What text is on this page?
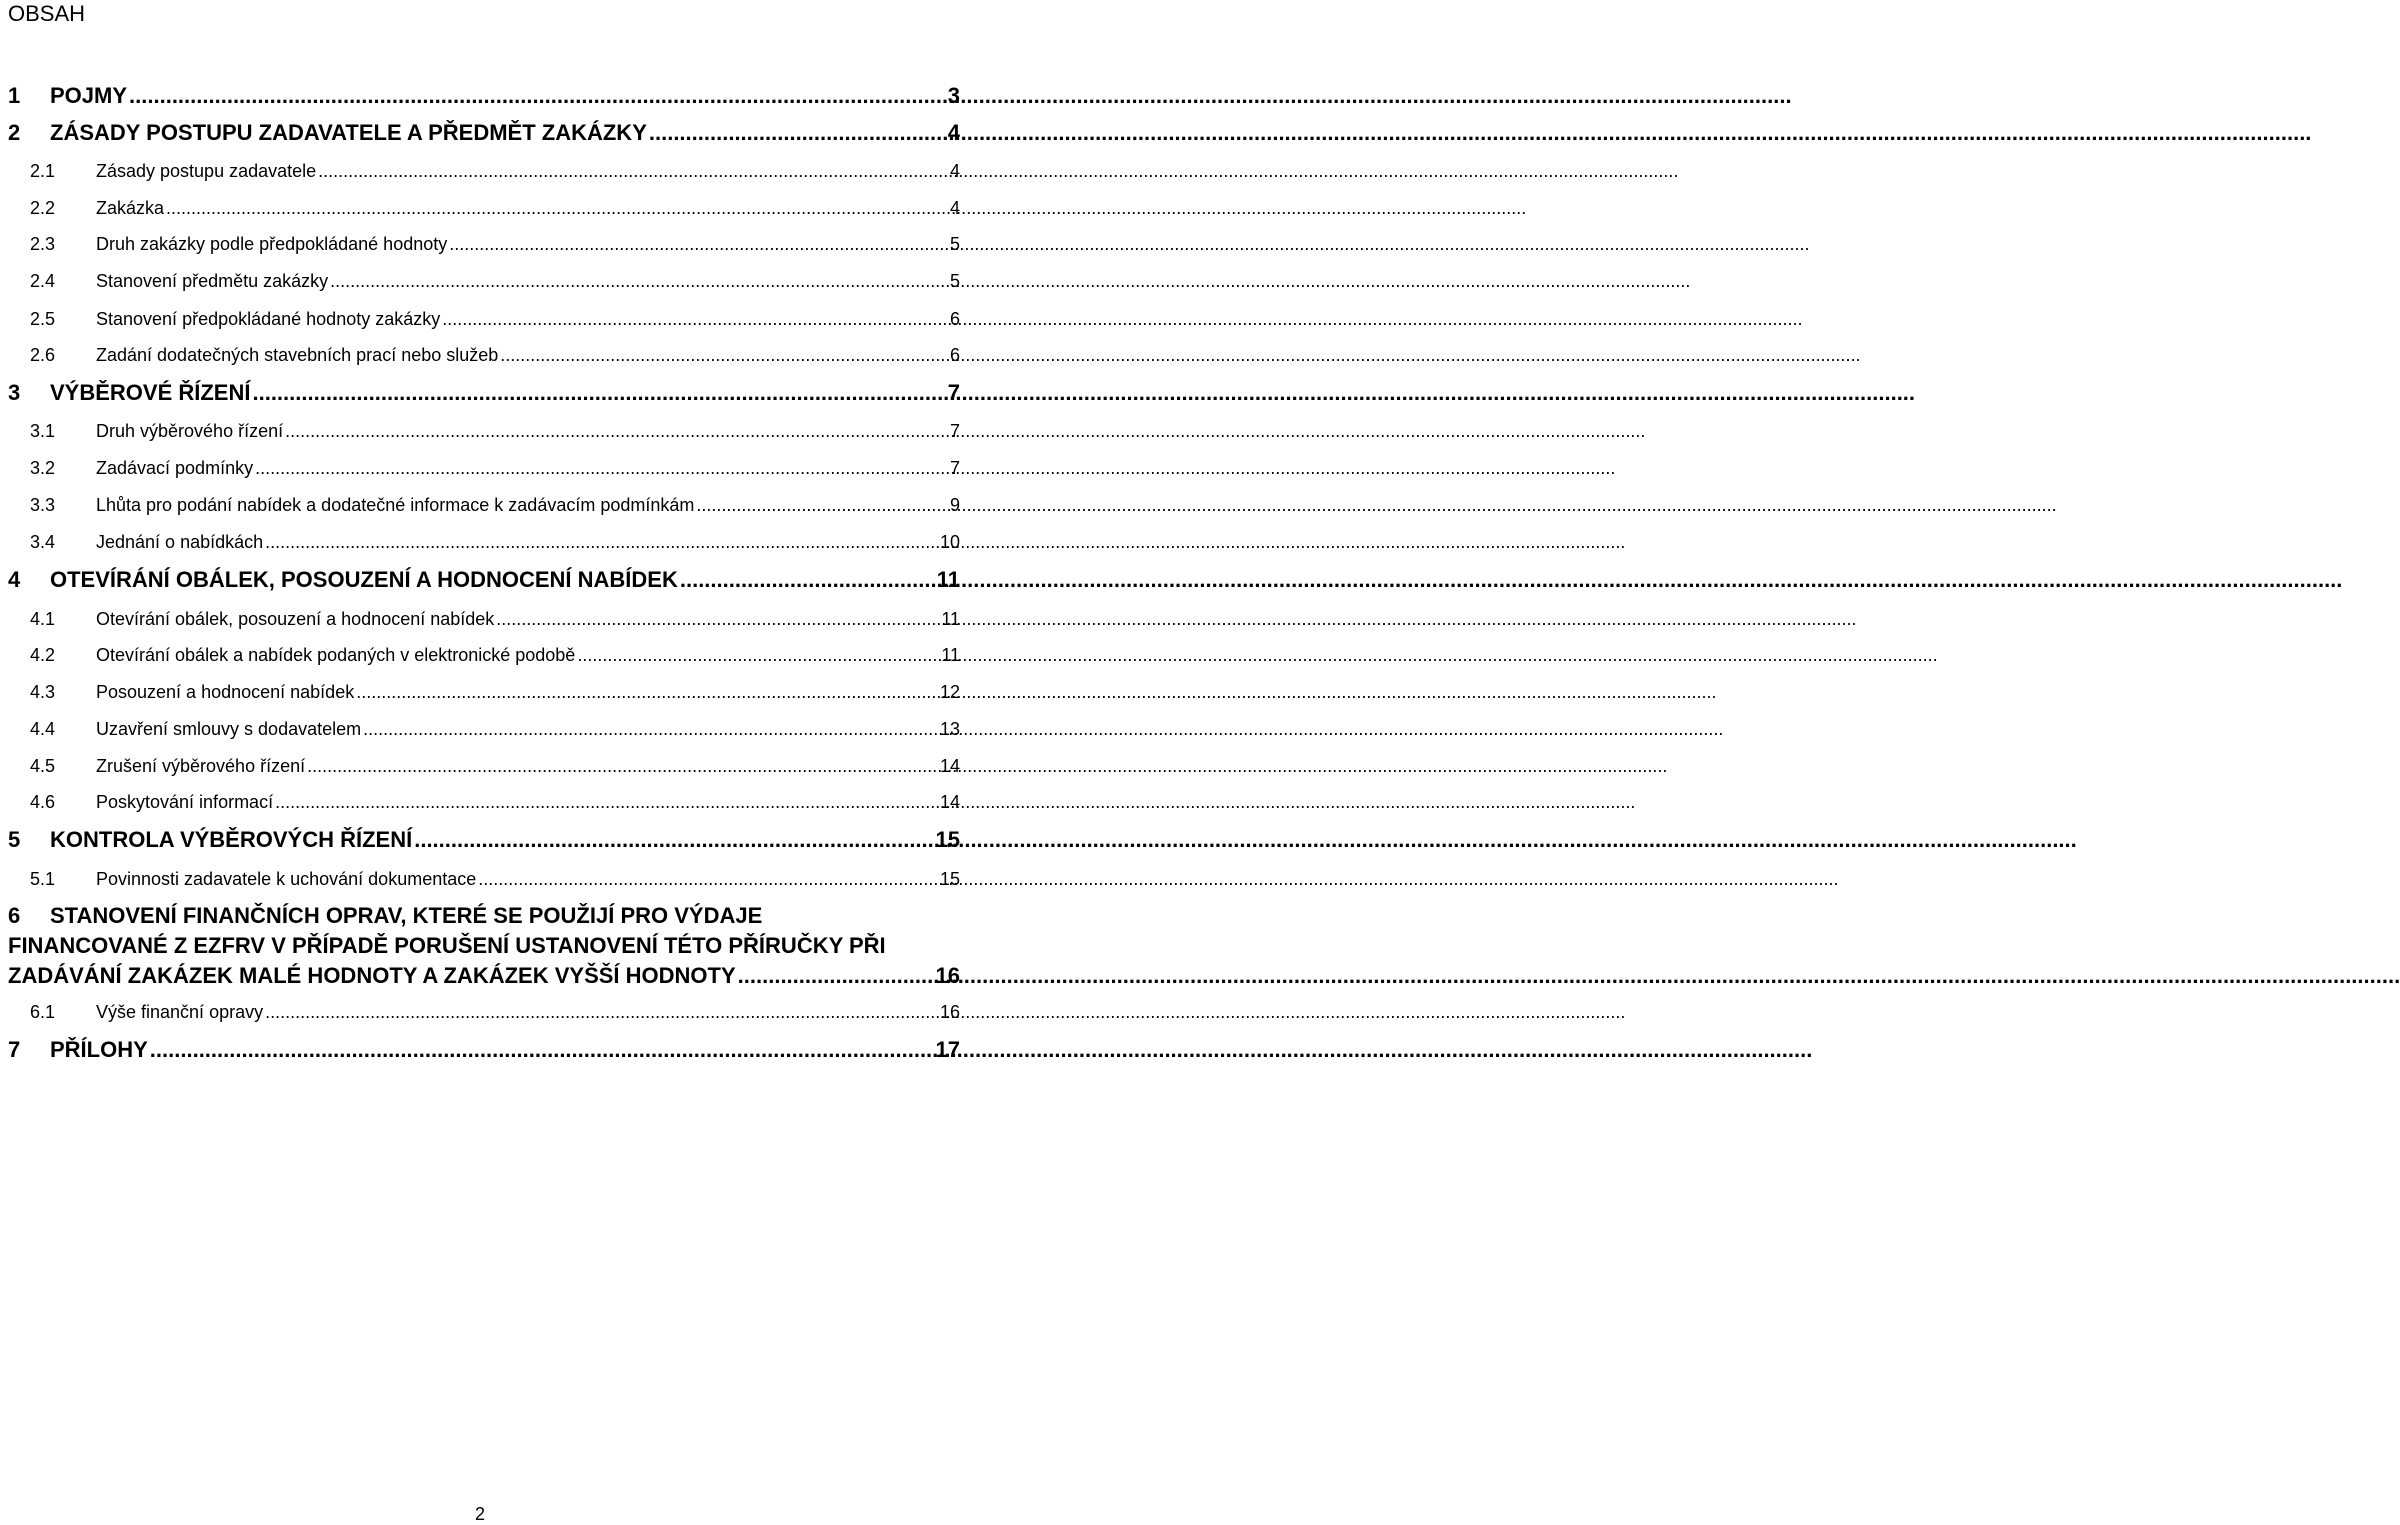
OBSAH
1	POJMY .....	3
2	ZÁSADY POSTUPU ZADAVATELE A PŘEDMĚT ZAKÁZKY .....	4
2.1	Zásady postupu zadavatele .....	4
2.2	Zakázka .....	4
2.3	Druh zakázky podle předpokládané hodnoty .....	5
2.4	Stanovení předmětu zakázky .....	5
2.5	Stanovení předpokládané hodnoty zakázky .....	6
2.6	Zadání dodatečných stavebních prací nebo služeb .....	6
3	VÝBĚROVÉ ŘÍZENÍ .....	7
3.1	Druh výběrového řízení .....	7
3.2	Zadávací podmínky .....	7
3.3	Lhůta pro podání nabídek a dodatečné informace k zadávacím podmínkám .....	9
3.4	Jednání o nabídkách .....	10
4	OTEVÍRÁNÍ OBÁLEK, POSOUZENÍ A HODNOCENÍ NABÍDEK .....	11
4.1	Otevírání obálek, posouzení a hodnocení nabídek .....	11
4.2	Otevírání obálek a nabídek podaných v elektronické podobě .....	11
4.3	Posouzení a hodnocení nabídek .....	12
4.4	Uzavření smlouvy s dodavatelem .....	13
4.5	Zrušení výběrového řízení .....	14
4.6	Poskytování informací .....	14
5	KONTROLA VÝBĚROVÝCH ŘÍZENÍ .....	15
5.1	Povinnosti zadavatele k uchování dokumentace .....	15
6 STANOVENÍ FINANČNÍCH OPRAV, KTERÉ SE POUŽIJÍ PRO VÝDAJE
FINANCOVANÉ Z EZFRV V PŘÍPADĚ PORUŠENÍ USTANOVENÍ TÉTO PŘÍRUČKY PŘI
ZADÁVÁNÍ ZAKÁZEK MALÉ HODNOTY A ZAKÁZEK VYŠŠÍ HODNOTY .....	16
6.1	Výše finanční opravy .....	16
7	PŘÍLOHY .....	17
2
